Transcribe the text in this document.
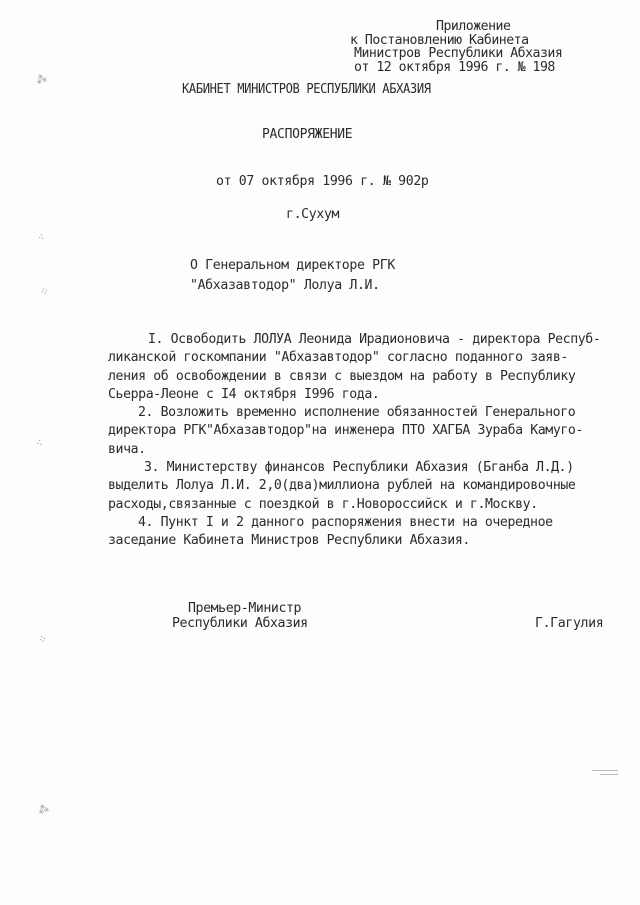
Приложение
к Постановлению Кабинета
Министров Республики Абхазия
от 12 октября 1996 г. № 198
КАБИНЕТ МИНИСТРОВ РЕСПУБЛИКИ АБХАЗИЯ
РАСПОРЯЖЕНИЕ
от 07 октября 1996 г. № 902р
г.Сухум
О Генеральном директоре РГК
"Абхазавтодор" Лолуа Л.И.
I. Освободить ЛОЛУА Леонида Ирадионовича - директора Респуб-
ликанской госкомпании "Абхазавтодор" согласно поданного заяв-
ления об освобождении в связи с выездом на работу в Республику
Сьерра-Леоне с I4 октября I996 года.
2. Возложить временно исполнение обязанностей Генерального
директора РГК"Абхазавтодор"на инженера ПТО ХАГБА Зураба Камуго-
вича.
3. Министерству финансов Республики Абхазия (Бганба Л.Д.)
выделить Лолуа Л.И. 2,0(два)миллиона рублей на командировочные
расходы,связанные с поездкой в г.Новороссийск и г.Москву.
4. Пункт I и 2 данного распоряжения внести на очередное
заседание Кабинета Министров Республики Абхазия.
Премьер-Министр
Республики Абхазия	Г.Гагулия
⁂
⁖
⁘
⁖
⁘
⁂
